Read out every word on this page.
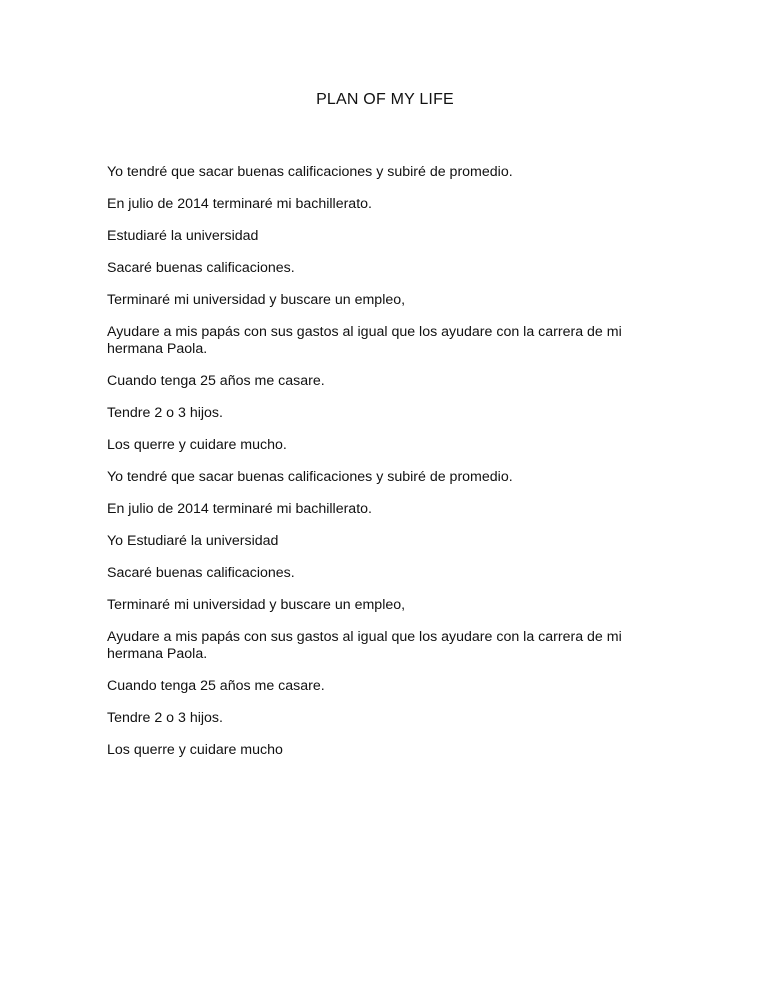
PLAN OF MY LIFE

Yo tendré que sacar buenas calificaciones y subiré de promedio.

En julio de 2014 terminaré mi bachillerato.

Estudiaré la universidad

Sacaré buenas calificaciones.

Terminaré mi universidad y buscare un empleo,

Ayudare a mis papás con sus gastos al igual que los ayudare con la carrera de mi hermana Paola.

Cuando tenga 25 años me casare.

Tendre 2 o 3 hijos.

Los querre y cuidare mucho.

Yo tendré que sacar buenas calificaciones y subiré de promedio.

En julio de 2014 terminaré mi bachillerato.

Yo Estudiaré la universidad

Sacaré buenas calificaciones.

Terminaré mi universidad y buscare un empleo,

Ayudare a mis papás con sus gastos al igual que los ayudare con la carrera de mi hermana Paola.

Cuando tenga 25 años me casare.

Tendre 2 o 3 hijos.

Los querre y cuidare mucho
